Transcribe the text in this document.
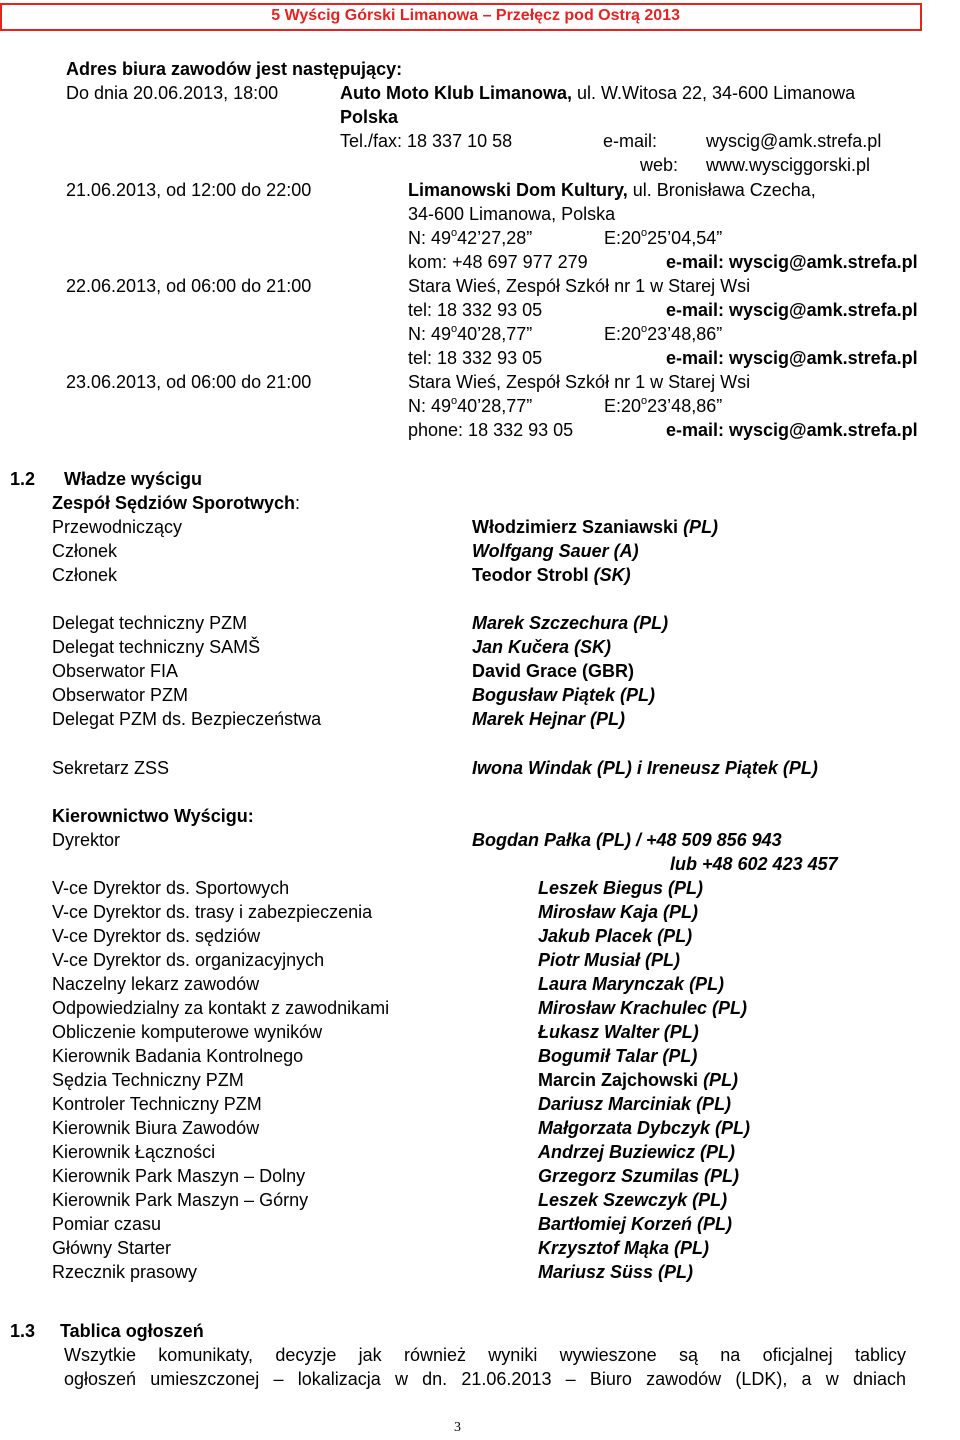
5 Wyścig Górski Limanowa – Przełęcz pod Ostrą 2013
Adres biura zawodów jest następujący:
Do dnia 20.06.2013, 18:00	Auto Moto Klub Limanowa, ul. W.Witosa 22, 34-600 Limanowa
Polska
Tel./fax: 18 337 10 58	e-mail:	wyscig@amk.strefa.pl
web: www.wysciggorski.pl
21.06.2013, od 12:00 do 22:00	Limanowski Dom Kultury, ul. Bronisława Czecha,
34-600 Limanowa, Polska
N: 49$^o$42’27,28”	E:20$^o$25’04,54”
kom: +48 697 977 279	e-mail: wyscig@amk.strefa.pl
22.06.2013, od 06:00 do 21:00	Stara Wieś, Zespół Szkół nr 1 w Starej Wsi
tel: 18 332 93 05	e-mail: wyscig@amk.strefa.pl
N: 49$^o$40’28,77”	E:20$^o$23’48,86”
tel: 18 332 93 05	e-mail: wyscig@amk.strefa.pl
23.06.2013, od 06:00 do 21:00	Stara Wieś, Zespół Szkół nr 1 w Starej Wsi
N: 49$^o$40’28,77”	E:20$^o$23’48,86”
phone: 18 332 93 05	e-mail: wyscig@amk.strefa.pl
1.2 Władze wyścigu
Zespół Sędziów Sporotwych:
Przewodniczący	Włodzimierz Szaniawski (PL)
Członek	Wolfgang Sauer (A)
Członek	Teodor Strobl (SK)
Delegat techniczny PZM	Marek Szczechura (PL)
Delegat techniczny SAMŠ	Jan Kučera (SK)
Obserwator FIA	David Grace (GBR)
Obserwator PZM	Bogusław Piątek (PL)
Delegat PZM ds. Bezpieczeństwa	Marek Hejnar (PL)
Sekretarz ZSS	Iwona Windak (PL) i Ireneusz Piątek (PL)
Kierownictwo Wyścigu:
Dyrektor	Bogdan Pałka (PL) / +48 509 856 943
lub +48 602 423 457
V-ce Dyrektor ds. Sportowych	Leszek Biegus (PL)
V-ce Dyrektor ds. trasy i zabezpieczenia	Mirosław Kaja (PL)
V-ce Dyrektor ds. sędziów	Jakub Placek (PL)
V-ce Dyrektor ds. organizacyjnych	Piotr Musiał (PL)
Naczelny lekarz zawodów	Laura Marynczak (PL)
Odpowiedzialny za kontakt z zawodnikami	Mirosław Krachulec (PL)
Obliczenie komputerowe wyników	Łukasz Walter (PL)
Kierownik Badania Kontrolnego	Bogumił Talar (PL)
Sędzia Techniczny PZM	Marcin Zajchowski (PL)
Kontroler Techniczny PZM	Dariusz Marciniak (PL)
Kierownik Biura Zawodów	Małgorzata Dybczyk (PL)
Kierownik Łączności	Andrzej Buziewicz (PL)
Kierownik Park Maszyn – Dolny	Grzegorz Szumilas (PL)
Kierownik Park Maszyn – Górny	Leszek Szewczyk (PL)
Pomiar czasu	Bartłomiej Korzeń (PL)
Główny Starter	Krzysztof Mąka (PL)
Rzecznik prasowy	Mariusz Süss (PL)
1.3 Tablica ogłoszeń
Wszytkie komunikaty, decyzje jak również wyniki wywieszone są na oficjalnej tablicy
ogłoszeń umieszczonej – lokalizacja w dn. 21.06.2013 – Biuro zawodów (LDK), a w dniach
3
